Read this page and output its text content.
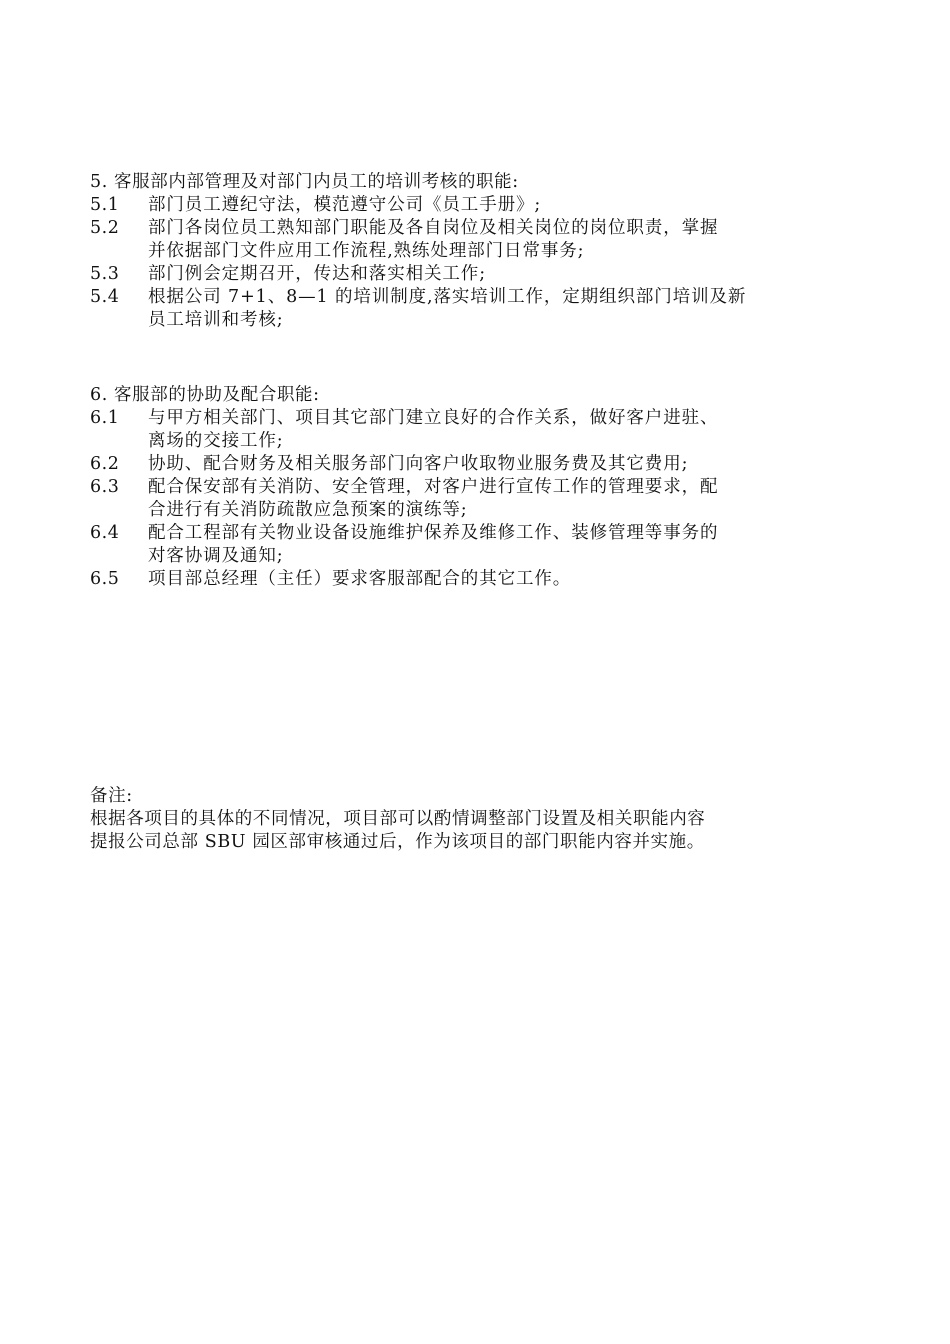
5. 客服部内部管理及对部门内员工的培训考核的职能:
5.1	部门员工遵纪守法，模范遵守公司《员工手册》;
5.2	部门各岗位员工熟知部门职能及各自岗位及相关岗位的岗位职责，掌握
并依据部门文件应用工作流程,熟练处理部门日常事务;
5.3	部门例会定期召开，传达和落实相关工作;
5.4	根据公司 7+1、8—1 的培训制度,落实培训工作，定期组织部门培训及新
员工培训和考核;
6. 客服部的协助及配合职能:
6.1	与甲方相关部门、项目其它部门建立良好的合作关系，做好客户进驻、
离场的交接工作;
6.2	协助、配合财务及相关服务部门向客户收取物业服务费及其它费用;
6.3	配合保安部有关消防、安全管理，对客户进行宣传工作的管理要求，配
合进行有关消防疏散应急预案的演练等;
6.4	配合工程部有关物业设备设施维护保养及维修工作、装修管理等事务的
对客协调及通知;
6.5	项目部总经理（主任）要求客服部配合的其它工作。
备注:
根据各项目的具体的不同情况，项目部可以酌情调整部门设置及相关职能内容
提报公司总部 SBU 园区部审核通过后，作为该项目的部门职能内容并实施。
